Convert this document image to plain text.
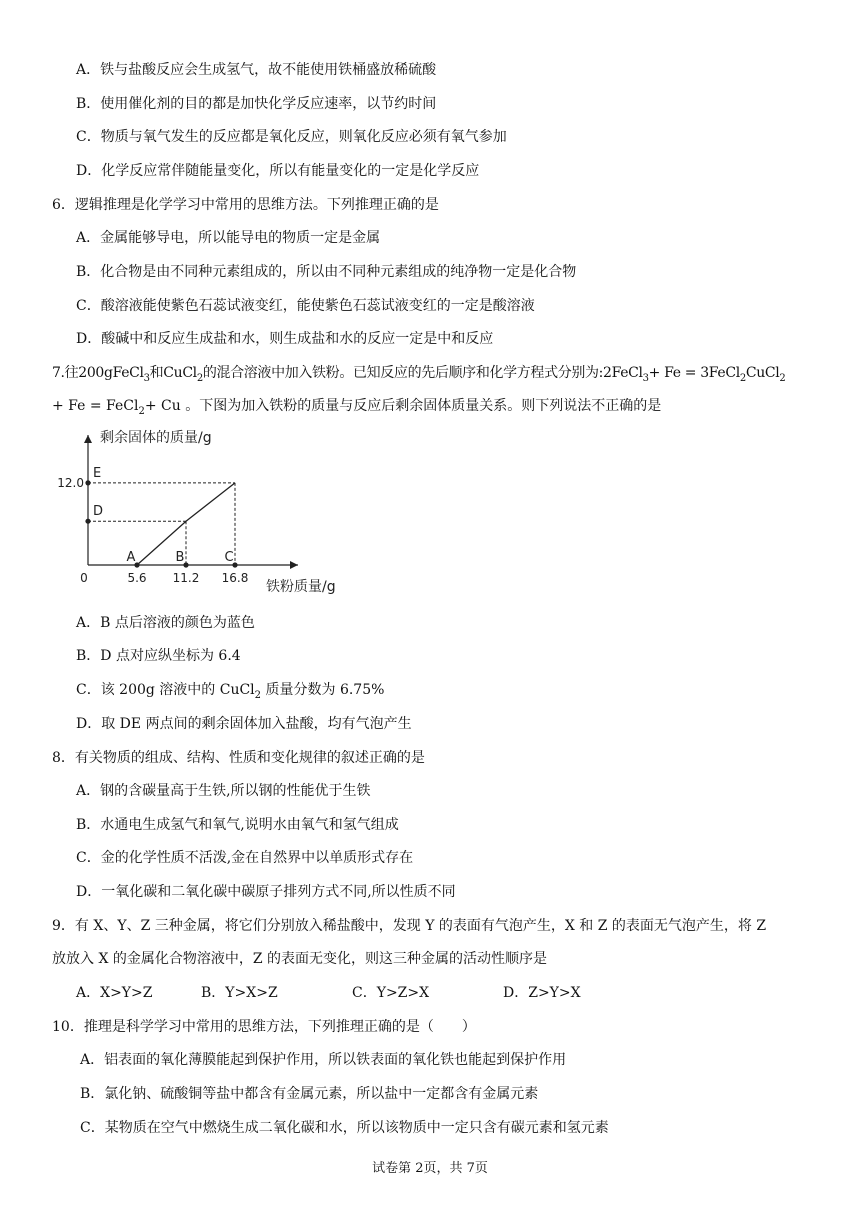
A．铁与盐酸反应会生成氢气，故不能使用铁桶盛放稀硫酸
B．使用催化剂的目的都是加快化学反应速率，以节约时间
C．物质与氧气发生的反应都是氧化反应，则氧化反应必须有氧气参加
D．化学反应常伴随能量变化，所以有能量变化的一定是化学反应
6．逻辑推理是化学学习中常用的思维方法。下列推理正确的是
A．金属能够导电，所以能导电的物质一定是金属
B．化合物是由不同种元素组成的，所以由不同种元素组成的纯净物一定是化合物
C．酸溶液能使紫色石蕊试液变红，能使紫色石蕊试液变红的一定是酸溶液
D．酸碱中和反应生成盐和水，则生成盐和水的反应一定是中和反应
7.往200gFeCl$_3$和CuCl$_2$的混合溶液中加入铁粉。已知反应的先后顺序和化学方程式分别为:2FeCl$_3$+ Fe = 3FeCl$_2$CuCl$_2$
+ Fe = FeCl$_2$+ Cu 。下图为加入铁粉的质量与反应后剩余固体质量关系。则下列说法不正确的是
剩余固体的质量/g
铁粉质量/g
0	5.6 11.2 16.8
12.0
A	B	C
D
E
A．B 点后溶液的颜色为蓝色
B．D 点对应纵坐标为 6.4
C．该 200g 溶液中的 CuCl$_2$ 质量分数为 6.75%
D．取 DE 两点间的剩余固体加入盐酸，均有气泡产生
8．有关物质的组成、结构、性质和变化规律的叙述正确的是
A．钢的含碳量高于生铁,所以钢的性能优于生铁
B．水通电生成氢气和氧气,说明水由氧气和氢气组成
C．金的化学性质不活泼,金在自然界中以单质形式存在
D．一氧化碳和二氧化碳中碳原子排列方式不同,所以性质不同
9．有 X、Y、Z 三种金属，将它们分别放入稀盐酸中，发现 Y 的表面有气泡产生，X 和 Z 的表面无气泡产生，将 Z
放放入 X 的金属化合物溶液中，Z 的表面无变化，则这三种金属的活动性顺序是
A．X>Y>Z	B．Y>X>Z	C．Y>Z>X	D．Z>Y>X
10．推理是科学学习中常用的思维方法，下列推理正确的是（　　）
A．铝表面的氧化薄膜能起到保护作用，所以铁表面的氧化铁也能起到保护作用
B．氯化钠、硫酸铜等盐中都含有金属元素，所以盐中一定都含有金属元素
C．某物质在空气中燃烧生成二氧化碳和水，所以该物质中一定只含有碳元素和氢元素
试卷第 2页，共 7页
